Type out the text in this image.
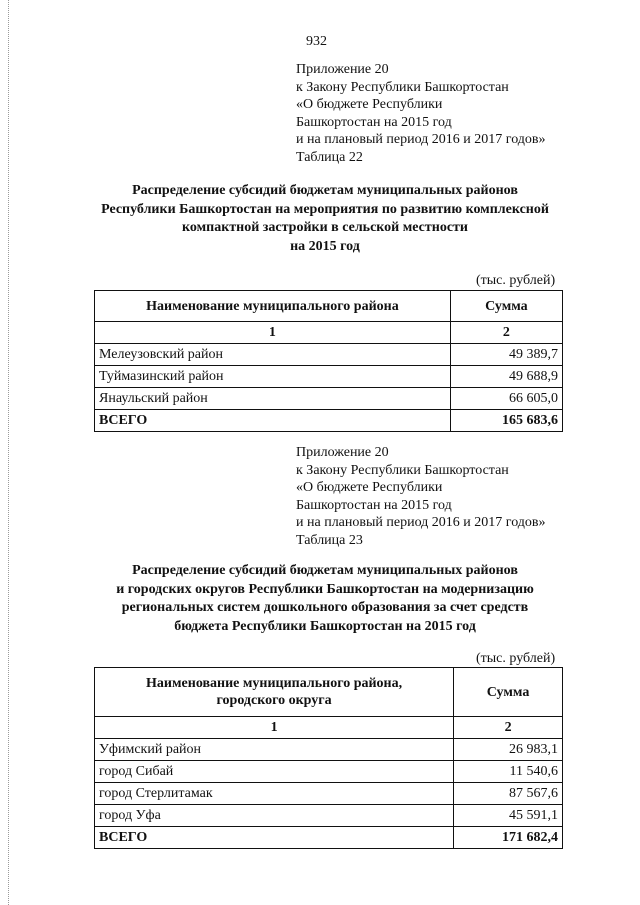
932
Приложение 20
к Закону Республики Башкортостан
«О бюджете Республики
Башкортостан на 2015 год
и на плановый период 2016 и 2017 годов»
Таблица 22
Распределение субсидий бюджетам муниципальных районов
Республики Башкортостан на мероприятия по развитию комплексной
компактной застройки в сельской местности
на 2015 год
(тыс. рублей)
Наименование муниципального района	Сумма
1	2
Мелеузовский район	49 389,7
Туймазинский район	49 688,9
Янаульский район	66 605,0
ВСЕГО	165 683,6
Приложение 20
к Закону Республики Башкортостан
«О бюджете Республики
Башкортостан на 2015 год
и на плановый период 2016 и 2017 годов»
Таблица 23
Распределение субсидий бюджетам муниципальных районов
и городских округов Республики Башкортостан на модернизацию
региональных систем дошкольного образования за счет средств
бюджета Республики Башкортостан на 2015 год
(тыс. рублей)
Наименование муниципального района,
городского округа	Сумма
1	2
Уфимский район	26 983,1
город Сибай	11 540,6
город Стерлитамак	87 567,6
город Уфа	45 591,1
ВСЕГО	171 682,4
